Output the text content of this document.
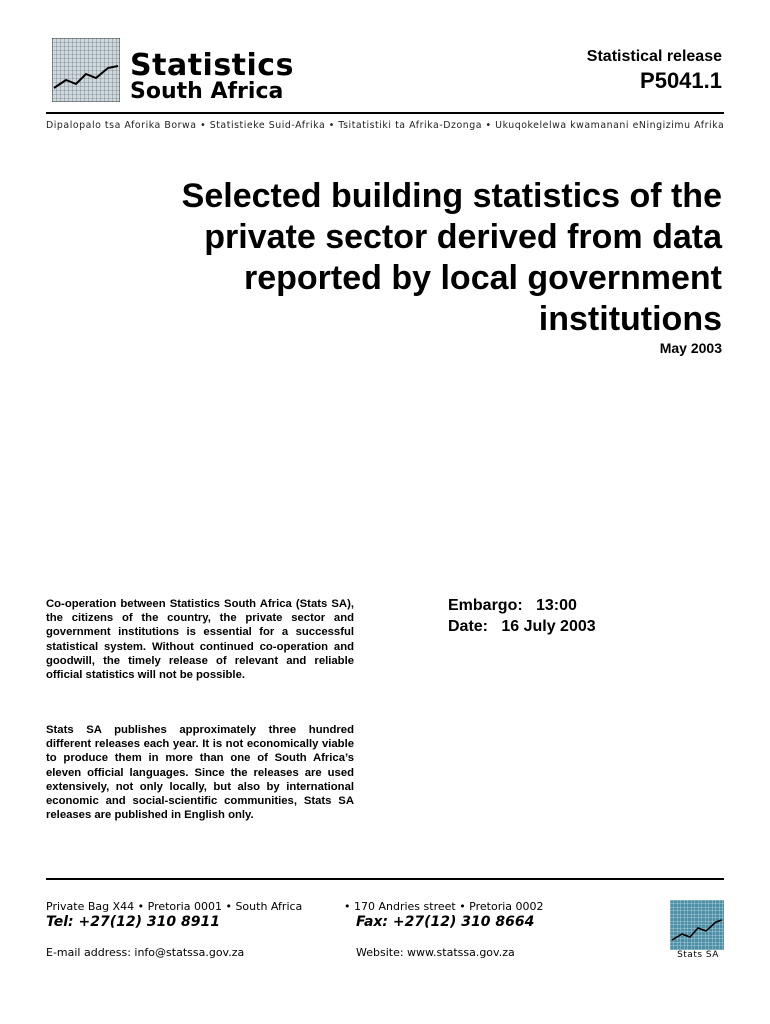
Statistics
South Africa
Statistical release
P5041.1
Dipalopalo tsa Aforika Borwa • Statistieke Suid-Afrika • Tsitatistiki ta Afrika-Dzonga • Ukuqokelelwa kwamanani eNingizimu Afrika
Selected building statistics of the private sector derived from data reported by local government institutions
May 2003
Co-operation between Statistics South Africa (Stats SA), the citizens of the country, the private sector and government institutions is essential for a successful statistical system. Without continued co-operation and goodwill, the timely release of relevant and reliable official statistics will not be possible.
Stats SA publishes approximately three hundred different releases each year. It is not economically viable to produce them in more than one of South Africa’s eleven official languages. Since the releases are used extensively, not only locally, but also by international economic and social-scientific communities, Stats SA releases are published in English only.
Embargo:   13:00
Date:   16 July 2003
Private Bag X44 • Pretoria 0001 • South Africa	• 170 Andries street • Pretoria 0002
Tel: +27(12) 310 8911	Fax: +27(12) 310 8664
E-mail address: info@statssa.gov.za	Website: www.statssa.gov.za	Stats SA
